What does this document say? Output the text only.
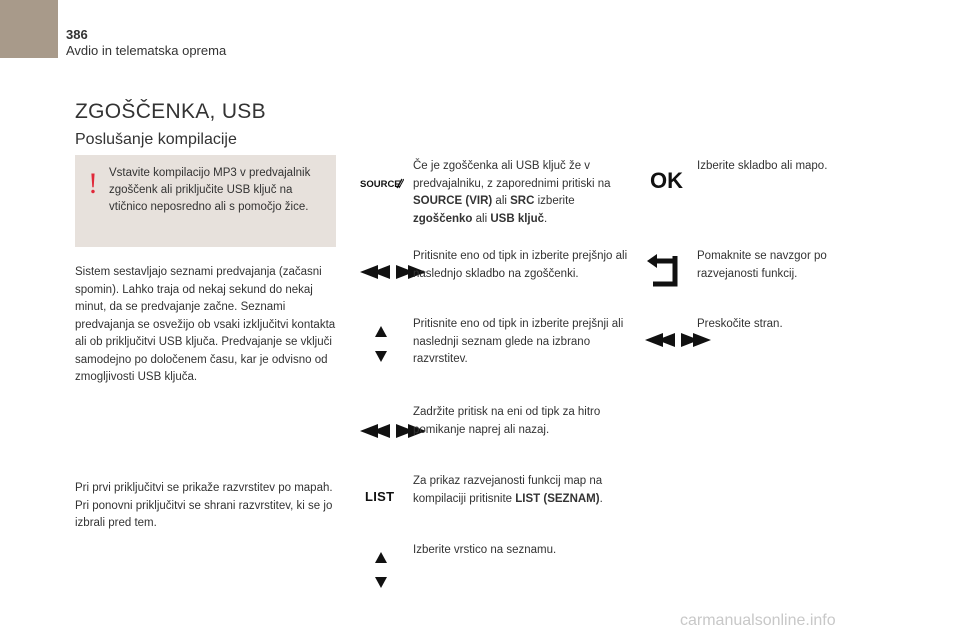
386
Avdio in telematska oprema
ZGOŠČENKA, USB
Poslušanje kompilacije
! Vstavite kompilacijo MP3 v predvajalnik zgoščenk ali priključite USB ključ na vtičnico neposredno ali s pomočjo žice.
Sistem sestavljajo seznami predvajanja (začasni spomin). Lahko traja od nekaj sekund do nekaj minut, da se predvajanje začne. Seznami predvajanja se osvežijo ob vsaki izključitvi kontakta ali ob priključitvi USB ključa. Predvajanje se vključi samodejno po določenem času, kar je odvisno od zmogljivosti USB ključa.
Pri prvi priključitvi se prikaže razvrstitev po mapah. Pri ponovni priključitvi se shrani razvrstitev, ki se jo izbrali pred tem.
SOURCE
LIST
Če je zgoščenka ali USB ključ že v predvajalniku, z zaporednimi pritiski na SOURCE (VIR) ali SRC izberite zgoščenko ali USB ključ.
Pritisnite eno od tipk in izberite prejšnjo ali naslednjo skladbo na zgoščenki.
Pritisnite eno od tipk in izberite prejšnji ali naslednji seznam glede na izbrano razvrstitev.
Zadržite pritisk na eni od tipk za hitro pomikanje naprej ali nazaj.
Za prikaz razvejanosti funkcij map na kompilaciji pritisnite LIST (SEZNAM).
Izberite vrstico na seznamu.
OK
Izberite skladbo ali mapo.
Pomaknite se navzgor po razvejanosti funkcij.
Preskočite stran.
carmanualsonline.info
